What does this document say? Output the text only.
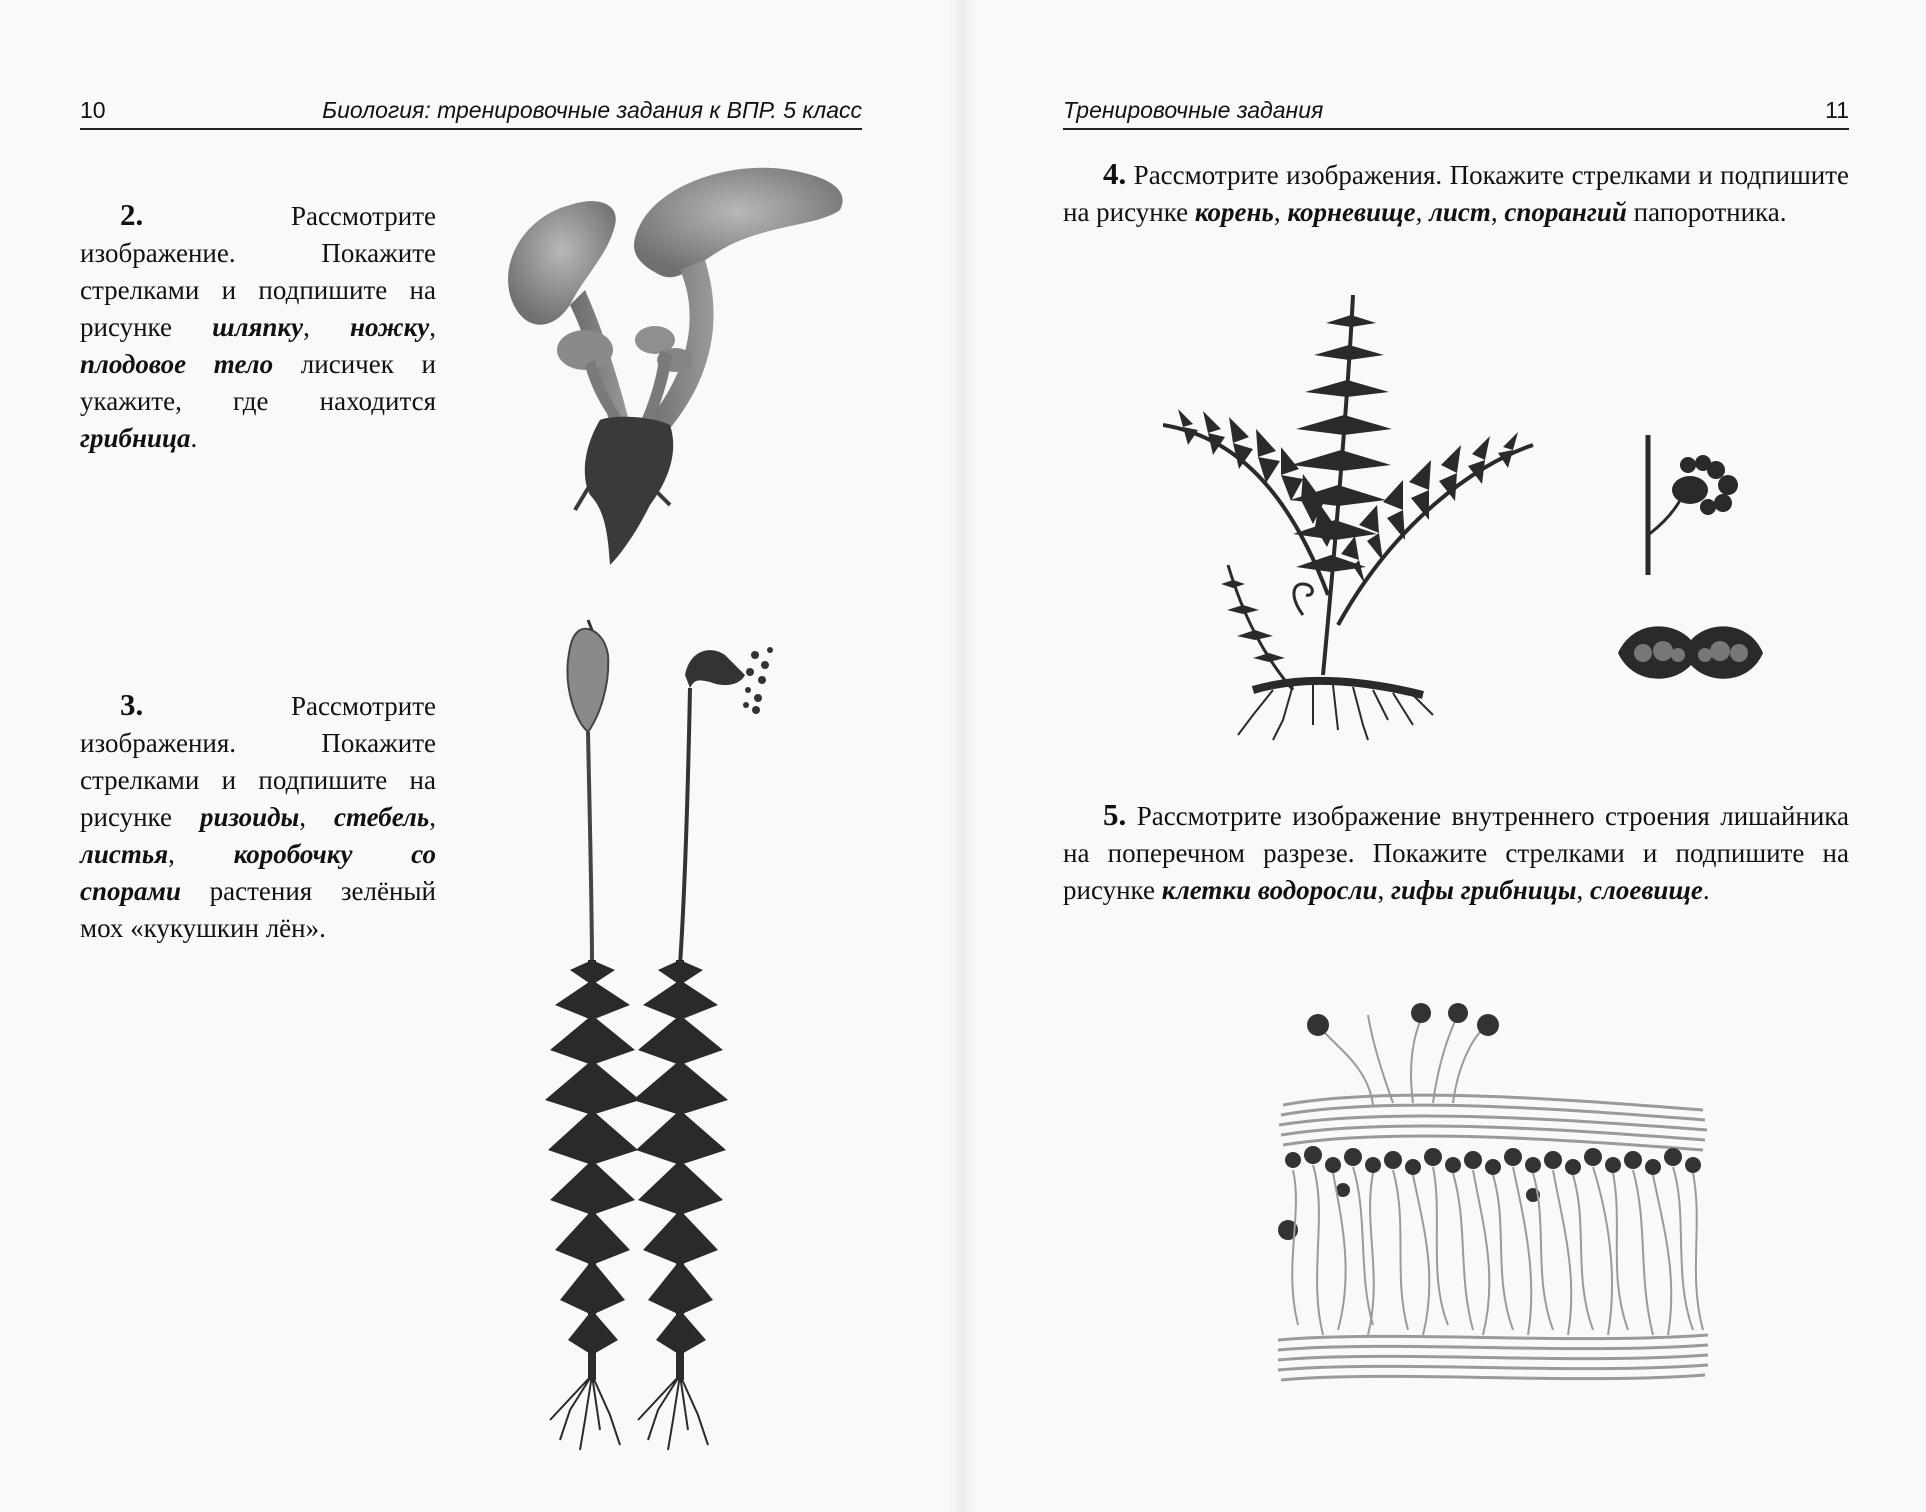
10	Биология: тренировочные задания к ВПР. 5 класс

2.	Рассмотрите изображение. Покажите стрелками и подпишите на рисунке шляпку, ножку, плодовое тело лисичек и укажите, где находится грибница.

3.	Рассмотрите изображения. Покажите стрелками и подпишите на рисунке ризоиды, стебель, листья, коробочку со спорами растения зелёный мох «кукушкин лён».

Тренировочные задания	11

4. Рассмотрите изображения. Покажите стрелками и подпишите на рисунке корень, корневище, лист, спорангий папоротника.

5. Рассмотрите изображение внутреннего строения лишайника на поперечном разрезе. Покажите стрелками и подпишите на рисунке клетки водоросли, гифы грибницы, слоевище.
